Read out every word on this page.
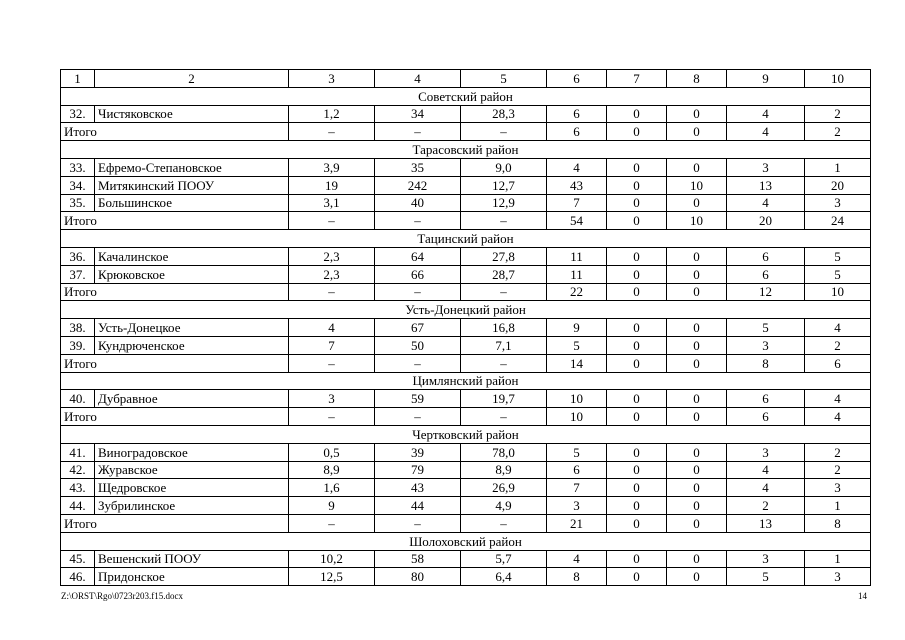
1	2	3	4	5	6	7	8	9	10
Советский район									
32.	Чистяковское	1,2	34	28,3	6	0	0	4	2
Итого		–	–	–	6	0	0	4	2
Тарасовский район									
33.	Ефремо-Степановское	3,9	35	9,0	4	0	0	3	1
34.	Митякинский ПООУ	19	242	12,7	43	0	10	13	20
35.	Большинское	3,1	40	12,9	7	0	0	4	3
Итого		–	–	–	54	0	10	20	24
Тацинский район									
36.	Качалинское	2,3	64	27,8	11	0	0	6	5
37.	Крюковское	2,3	66	28,7	11	0	0	6	5
Итого		–	–	–	22	0	0	12	10
Усть-Донецкий район									
38.	Усть-Донецкое	4	67	16,8	9	0	0	5	4
39.	Кундрюченское	7	50	7,1	5	0	0	3	2
Итого		–	–	–	14	0	0	8	6
Цимлянский район									
40.	Дубравное	3	59	19,7	10	0	0	6	4
Итого		–	–	–	10	0	0	6	4
Чертковский район									
41.	Виноградовское	0,5	39	78,0	5	0	0	3	2
42.	Журавское	8,9	79	8,9	6	0	0	4	2
43.	Щедровское	1,6	43	26,9	7	0	0	4	3
44.	Зубрилинское	9	44	4,9	3	0	0	2	1
Итого		–	–	–	21	0	0	13	8
Шолоховский район									
45.	Вешенский ПООУ	10,2	58	5,7	4	0	0	3	1
46.	Придонское	12,5	80	6,4	8	0	0	5	3
Z:\ORST\Rgo\0723r203.f15.docx	14
